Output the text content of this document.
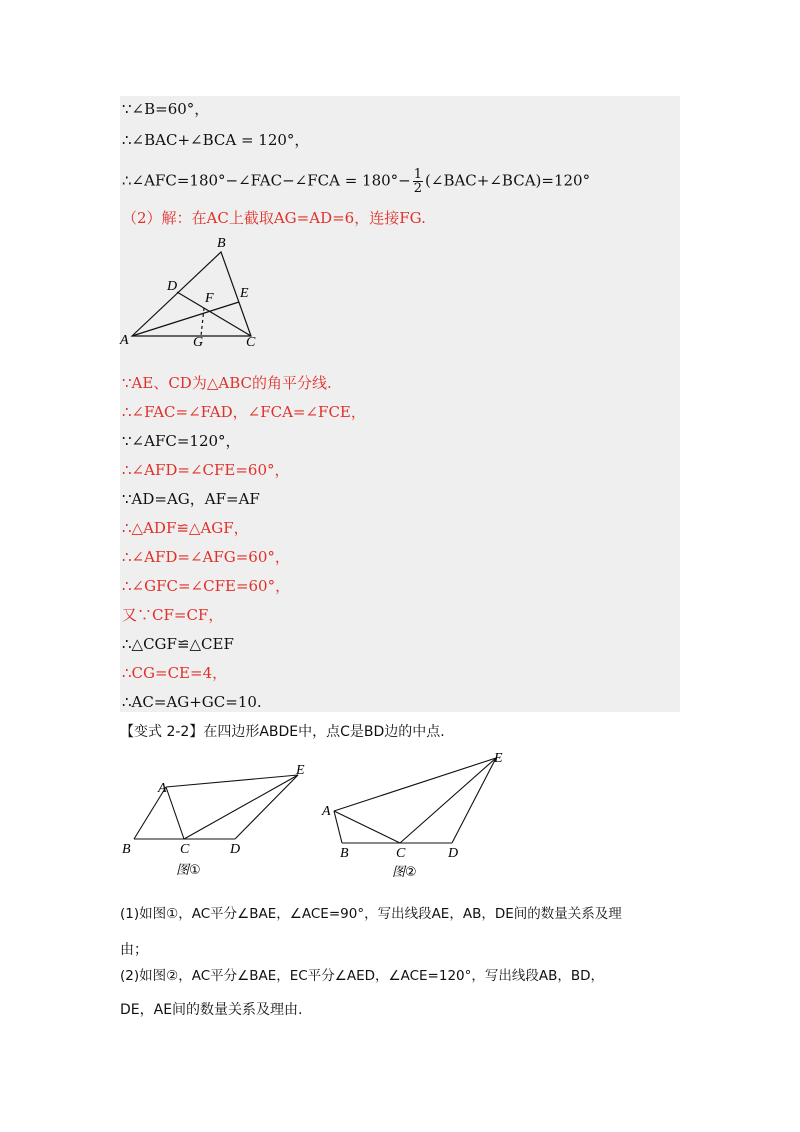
∵∠B=60°，
∴∠BAC+∠BCA = 120°，
∴∠AFC=180°−∠FAC−∠FCA = $180^\circ- \frac{1}{2}$ (∠BAC+∠BCA)=120°
（2）解：在AC上截取AG=AD=6，连接FG.
B
D
F E
A	G	C
∵AE、CD为△ABC的角平分线.
∴∠FAC=∠FAD，∠FCA=∠FCE，
∵∠AFC=120°，
∴∠AFD=∠CFE=60°，
∵AD=AG，AF=AF
∴△ADF≌△AGF，
∴∠AFD=∠AFG=60°，
∴∠GFC=∠CFE=60°，
又∵CF=CF，
∴△CGF≌△CEF
∴CG=CE=4，
∴AC=AG+GC=10.
【变式 2-2】在四边形ABDE中，点C是BD边的中点.
A
E
B	C	D
图①
A
E
B	C	D
图②
(1)如图①，AC平分∠BAE，∠ACE=90°，写出线段AE，AB，DE间的数量关系及理
由；
(2)如图②，AC平分∠BAE，EC平分∠AED，∠ACE=120°，写出线段AB，BD，
DE，AE间的数量关系及理由.
